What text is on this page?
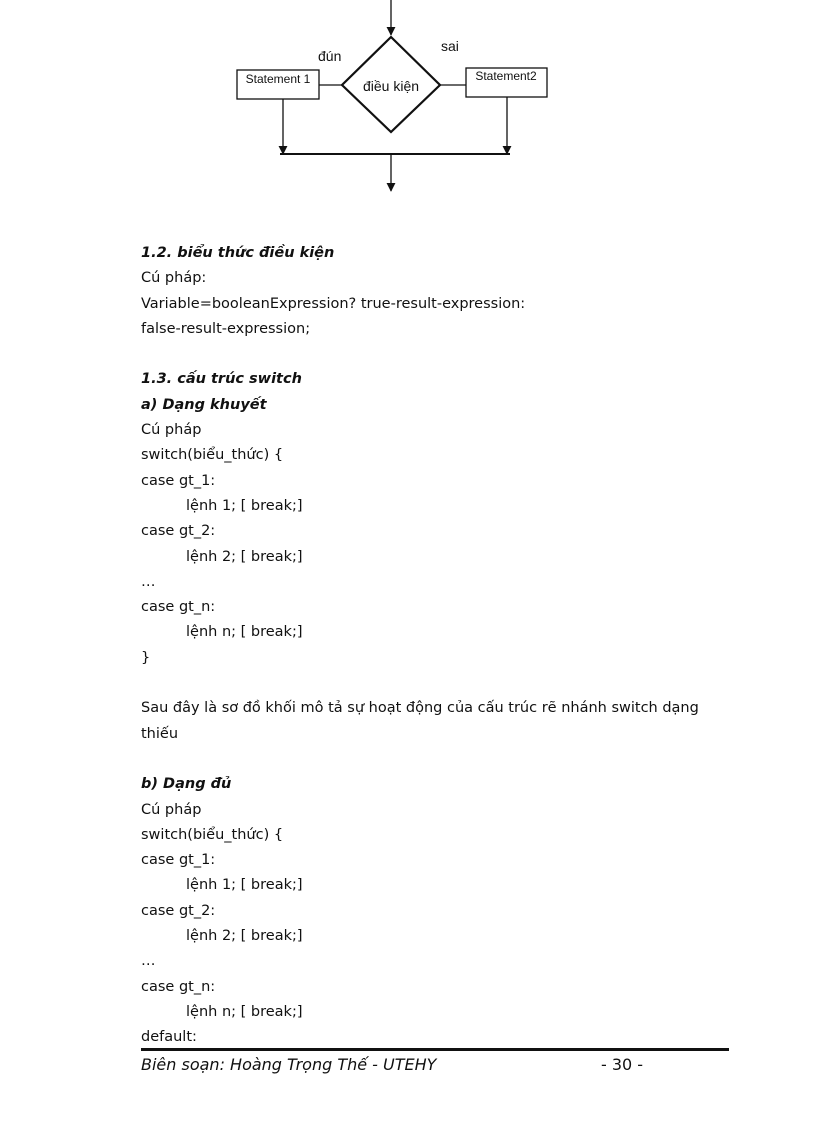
điều kiện
đún
Statement 1
sai
Statement2
1.2. biểu thức điều kiện
Cú pháp:
Variable=booleanExpression? true-result-expression:
false-result-expression;
1.3. cấu trúc switch
a) Dạng khuyết
Cú pháp
switch(biểu_thức) {
case gt_1:
lệnh 1; [ break;]
case gt_2:
lệnh 2; [ break;]
…
case gt_n:
lệnh n; [ break;]
}
Sau đây là sơ đồ khối mô tả sự hoạt động của cấu trúc rẽ nhánh switch dạng thiếu
b) Dạng đủ
Cú pháp
switch(biểu_thức) {
case gt_1:
lệnh 1; [ break;]
case gt_2:
lệnh 2; [ break;]
…
case gt_n:
lệnh n; [ break;]
default:
Biên soạn: Hoàng Trọng Thế - UTEHY	- 30 -
